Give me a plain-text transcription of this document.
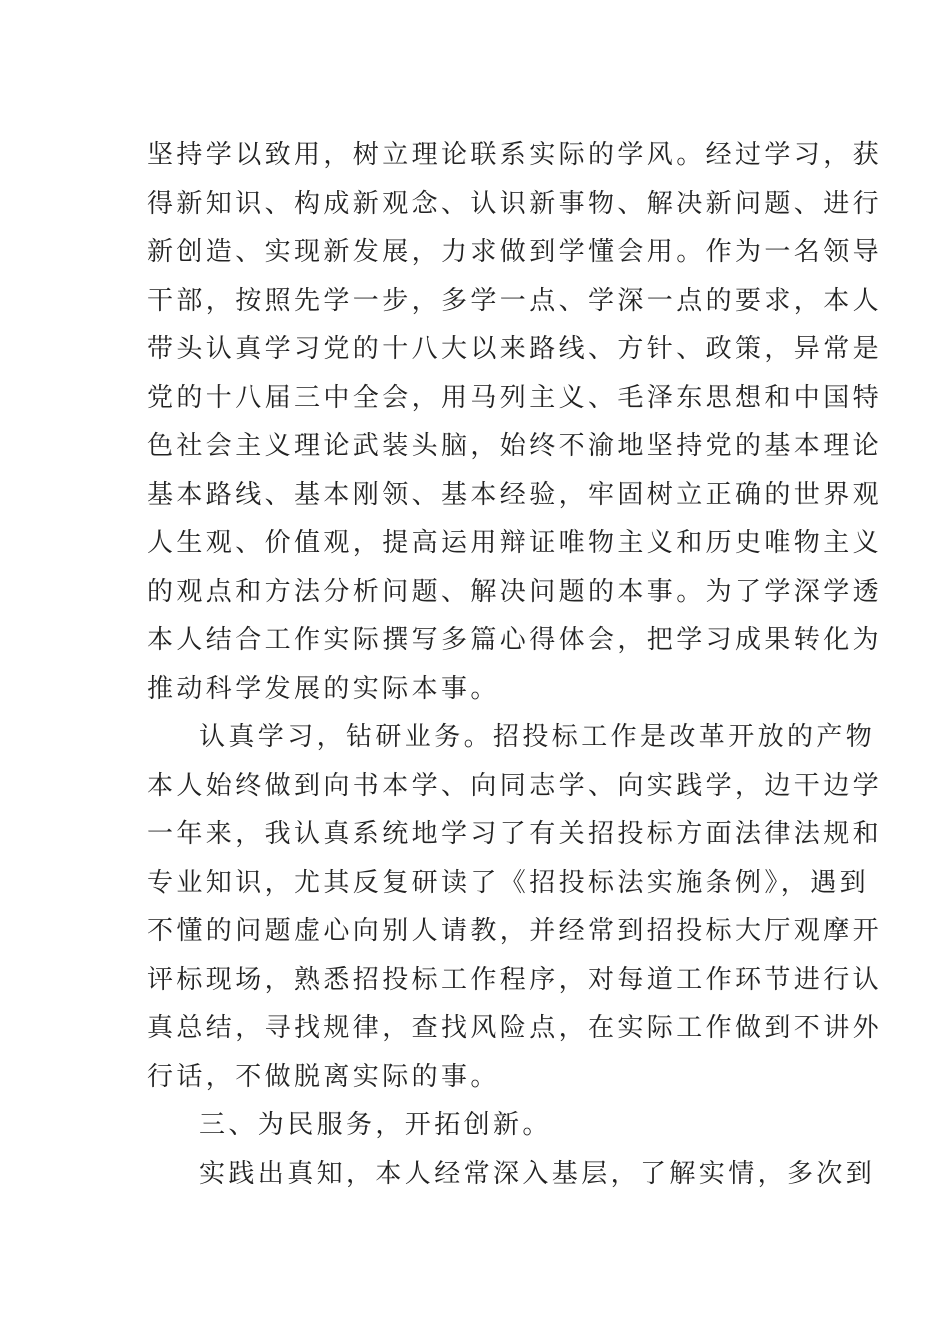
坚持学以致用，树立理论联系实际的学风。经过学习，获
得新知识、构成新观念、认识新事物、解决新问题、进行
新创造、实现新发展，力求做到学懂会用。作为一名领导
干部，按照先学一步，多学一点、学深一点的要求，本人
带头认真学习党的十八大以来路线、方针、政策，异常是
党的十八届三中全会，用马列主义、毛泽东思想和中国特
色社会主义理论武装头脑，始终不渝地坚持党的基本理论
基本路线、基本刚领、基本经验，牢固树立正确的世界观
人生观、价值观，提高运用辩证唯物主义和历史唯物主义
的观点和方法分析问题、解决问题的本事。为了学深学透
本人结合工作实际撰写多篇心得体会，把学习成果转化为
推动科学发展的实际本事。
认真学习，钻研业务。招投标工作是改革开放的产物
本人始终做到向书本学、向同志学、向实践学，边干边学
一年来，我认真系统地学习了有关招投标方面法律法规和
专业知识，尤其反复研读了《招投标法实施条例》，遇到
不懂的问题虚心向别人请教，并经常到招投标大厅观摩开
评标现场，熟悉招投标工作程序，对每道工作环节进行认
真总结，寻找规律，查找风险点，在实际工作做到不讲外
行话，不做脱离实际的事。
三、为民服务，开拓创新。
实践出真知，本人经常深入基层，了解实情，多次到
